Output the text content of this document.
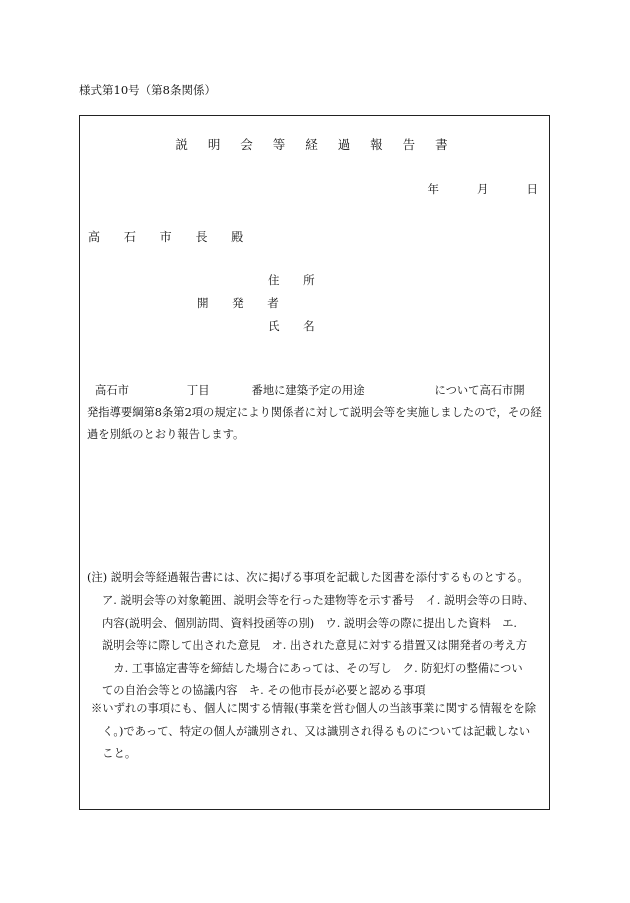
様式第10号（第8条関係）
説 明 会 等 経 過 報 告 書
年	月	日
高 石 市 長 殿
住 所
開 発 者
氏 名
高石市	丁目	番地に建築予定の用途	について高石市開
発指導要綱第8条第2項の規定により関係者に対して説明会等を実施しましたので，その経
過を別紙のとおり報告します。
(注) 説明会等経過報告書には、次に掲げる事項を記載した図書を添付するものとする。
ア. 説明会等の対象範囲、説明会等を行った建物等を示す番号　イ. 説明会等の日時、
内容(説明会、個別訪問、資料投函等の別)　ウ. 説明会等の際に提出した資料　エ.
説明会等に際して出された意見　オ. 出された意見に対する措置又は開発者の考え方
　カ. 工事協定書等を締結した場合にあっては、その写し　ク. 防犯灯の整備につい
ての自治会等との協議内容　キ. その他市長が必要と認める事項
※いずれの事項にも、個人に関する情報(事業を営む個人の当該事業に関する情報をを除
　く。)であって、特定の個人が識別され、又は識別され得るものについては記載しない
　こと。
